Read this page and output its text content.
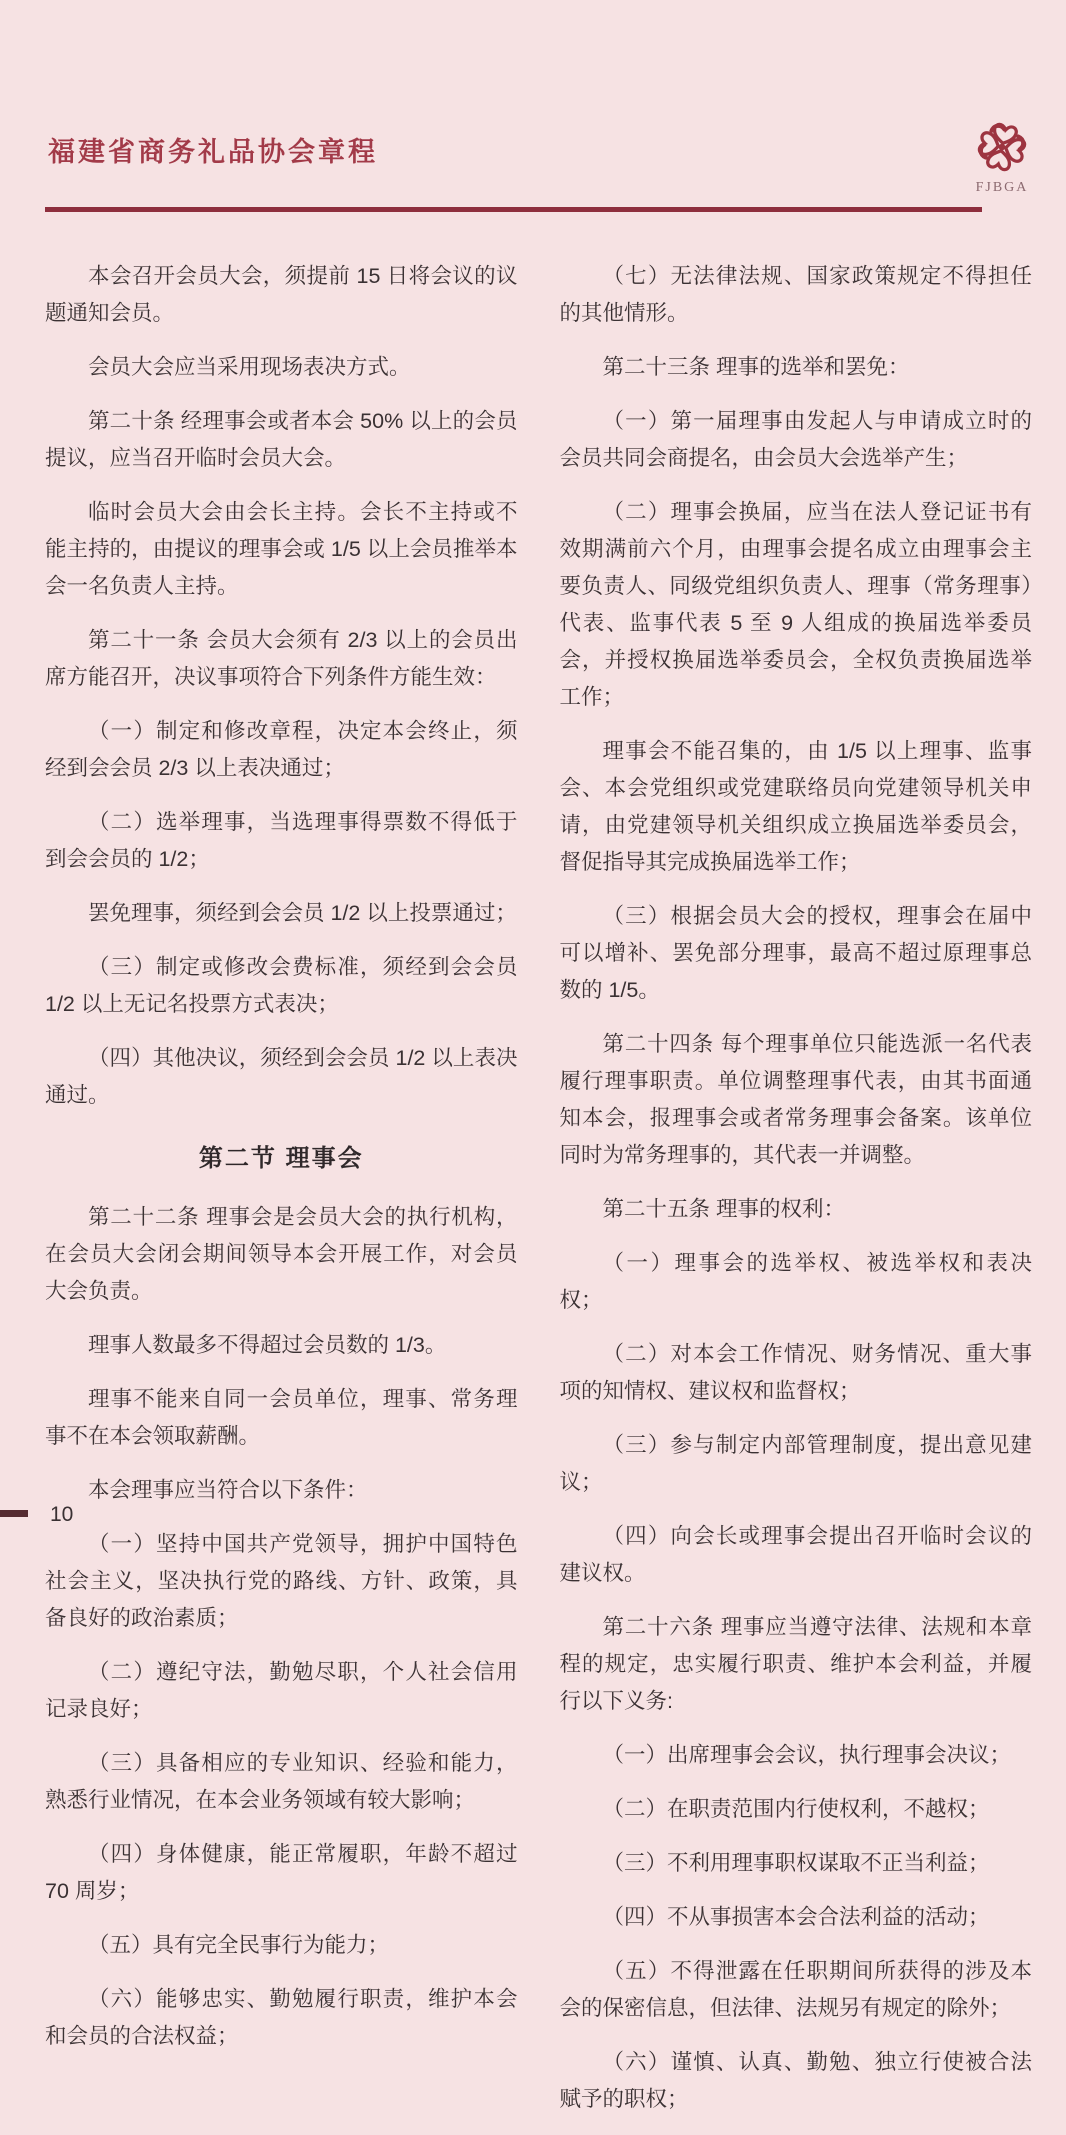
福建省商务礼品协会章程
FJBGA

本会召开会员大会，须提前 15 日将会议的议题通知会员。

会员大会应当采用现场表决方式。

第二十条 经理事会或者本会 50% 以上的会员提议，应当召开临时会员大会。

临时会员大会由会长主持。会长不主持或不能主持的，由提议的理事会或 1/5 以上会员推举本会一名负责人主持。

第二十一条 会员大会须有 2/3 以上的会员出席方能召开，决议事项符合下列条件方能生效：

（一）制定和修改章程，决定本会终止，须经到会会员 2/3 以上表决通过；

（二）选举理事，当选理事得票数不得低于到会会员的 1/2；

罢免理事，须经到会会员 1/2 以上投票通过；

（三）制定或修改会费标准，须经到会会员 1/2 以上无记名投票方式表决；

（四）其他决议，须经到会会员 1/2 以上表决通过。

第二节 理事会

第二十二条 理事会是会员大会的执行机构，在会员大会闭会期间领导本会开展工作，对会员大会负责。

理事人数最多不得超过会员数的 1/3。

理事不能来自同一会员单位，理事、常务理事不在本会领取薪酬。

本会理事应当符合以下条件：

（一）坚持中国共产党领导，拥护中国特色社会主义，坚决执行党的路线、方针、政策，具备良好的政治素质；

（二）遵纪守法，勤勉尽职，个人社会信用记录良好；

（三）具备相应的专业知识、经验和能力，熟悉行业情况，在本会业务领域有较大影响；

（四）身体健康，能正常履职，年龄不超过 70 周岁；

（五）具有完全民事行为能力；

（六）能够忠实、勤勉履行职责，维护本会和会员的合法权益；

（七）无法律法规、国家政策规定不得担任的其他情形。

第二十三条 理事的选举和罢免：

（一）第一届理事由发起人与申请成立时的会员共同会商提名，由会员大会选举产生；

（二）理事会换届，应当在法人登记证书有效期满前六个月，由理事会提名成立由理事会主要负责人、同级党组织负责人、理事（常务理事）代表、监事代表 5 至 9 人组成的换届选举委员会，并授权换届选举委员会，全权负责换届选举工作；

理事会不能召集的，由 1/5 以上理事、监事会、本会党组织或党建联络员向党建领导机关申请，由党建领导机关组织成立换届选举委员会，督促指导其完成换届选举工作；

（三）根据会员大会的授权，理事会在届中可以增补、罢免部分理事，最高不超过原理事总数的 1/5。

第二十四条 每个理事单位只能选派一名代表履行理事职责。单位调整理事代表，由其书面通知本会，报理事会或者常务理事会备案。该单位同时为常务理事的，其代表一并调整。

第二十五条 理事的权利：

（一）理事会的选举权、被选举权和表决权；

（二）对本会工作情况、财务情况、重大事项的知情权、建议权和监督权；

（三）参与制定内部管理制度，提出意见建议；

（四）向会长或理事会提出召开临时会议的建议权。

第二十六条 理事应当遵守法律、法规和本章程的规定，忠实履行职责、维护本会利益，并履行以下义务:

（一）出席理事会会议，执行理事会决议；

（二）在职责范围内行使权利，不越权；

（三）不利用理事职权谋取不正当利益；

（四）不从事损害本会合法利益的活动；

（五）不得泄露在任职期间所获得的涉及本会的保密信息，但法律、法规另有规定的除外；

（六）谨慎、认真、勤勉、独立行使被合法赋予的职权；

10
